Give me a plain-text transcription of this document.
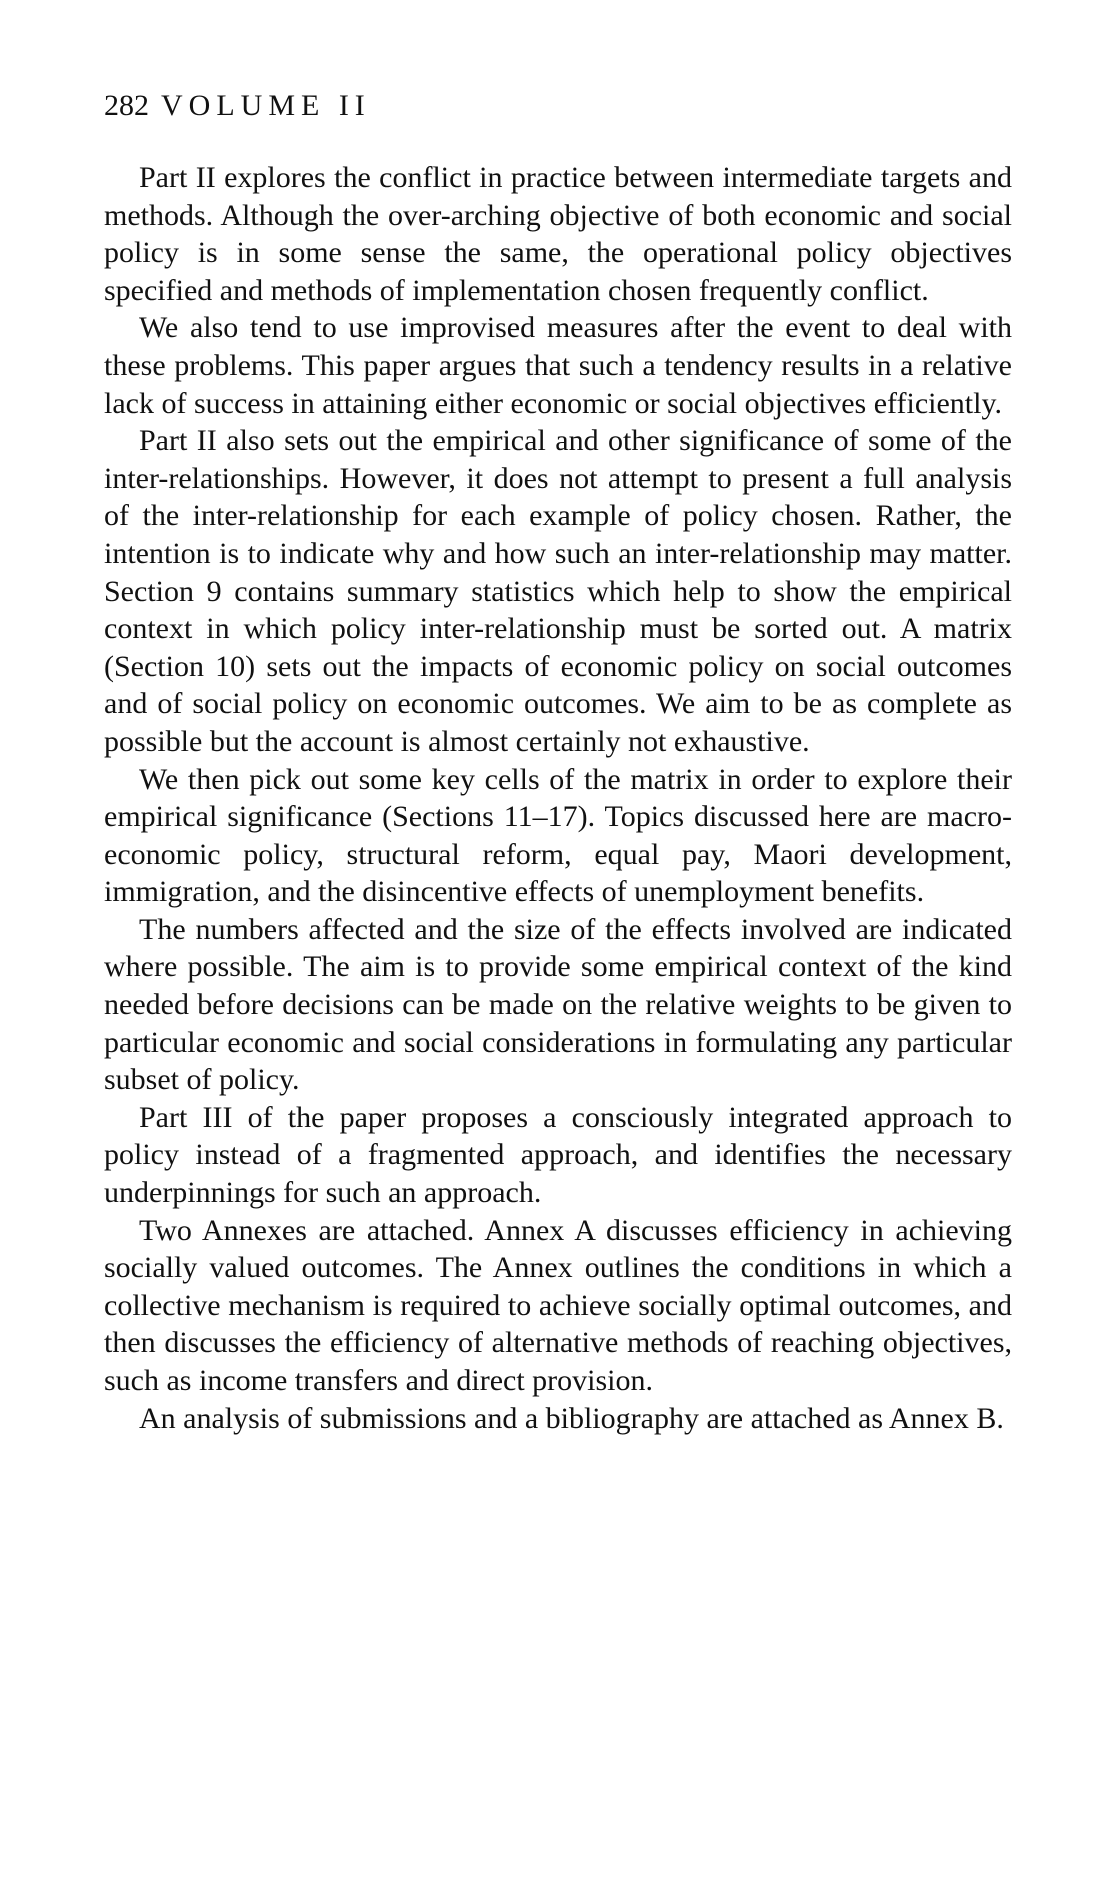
282 VOLUME II

Part II explores the conflict in practice between intermediate targets and methods. Although the over-arching objective of both economic and social policy is in some sense the same, the operational policy objectives specified and methods of implementation chosen frequently conflict.

We also tend to use improvised measures after the event to deal with these problems. This paper argues that such a tendency results in a relative lack of success in attaining either economic or social objectives efficiently.

Part II also sets out the empirical and other significance of some of the inter-relationships. However, it does not attempt to present a full analysis of the inter-relationship for each example of policy chosen. Rather, the intention is to indicate why and how such an inter-relationship may matter. Section 9 contains summary statistics which help to show the empirical context in which policy inter-relationship must be sorted out. A matrix (Section 10) sets out the impacts of economic policy on social outcomes and of social policy on economic outcomes. We aim to be as complete as possible but the account is almost certainly not exhaustive.

We then pick out some key cells of the matrix in order to explore their empirical significance (Sections 11–17). Topics discussed here are macro-economic policy, structural reform, equal pay, Maori development, immigration, and the disincentive effects of unemployment benefits.

The numbers affected and the size of the effects involved are indicated where possible. The aim is to provide some empirical context of the kind needed before decisions can be made on the relative weights to be given to particular economic and social considerations in formulating any particular subset of policy.

Part III of the paper proposes a consciously integrated approach to policy instead of a fragmented approach, and identifies the necessary underpinnings for such an approach.

Two Annexes are attached. Annex A discusses efficiency in achieving socially valued outcomes. The Annex outlines the conditions in which a collective mechanism is required to achieve socially optimal outcomes, and then discusses the efficiency of alternative methods of reaching objectives, such as income transfers and direct provision.

An analysis of submissions and a bibliography are attached as Annex B.
